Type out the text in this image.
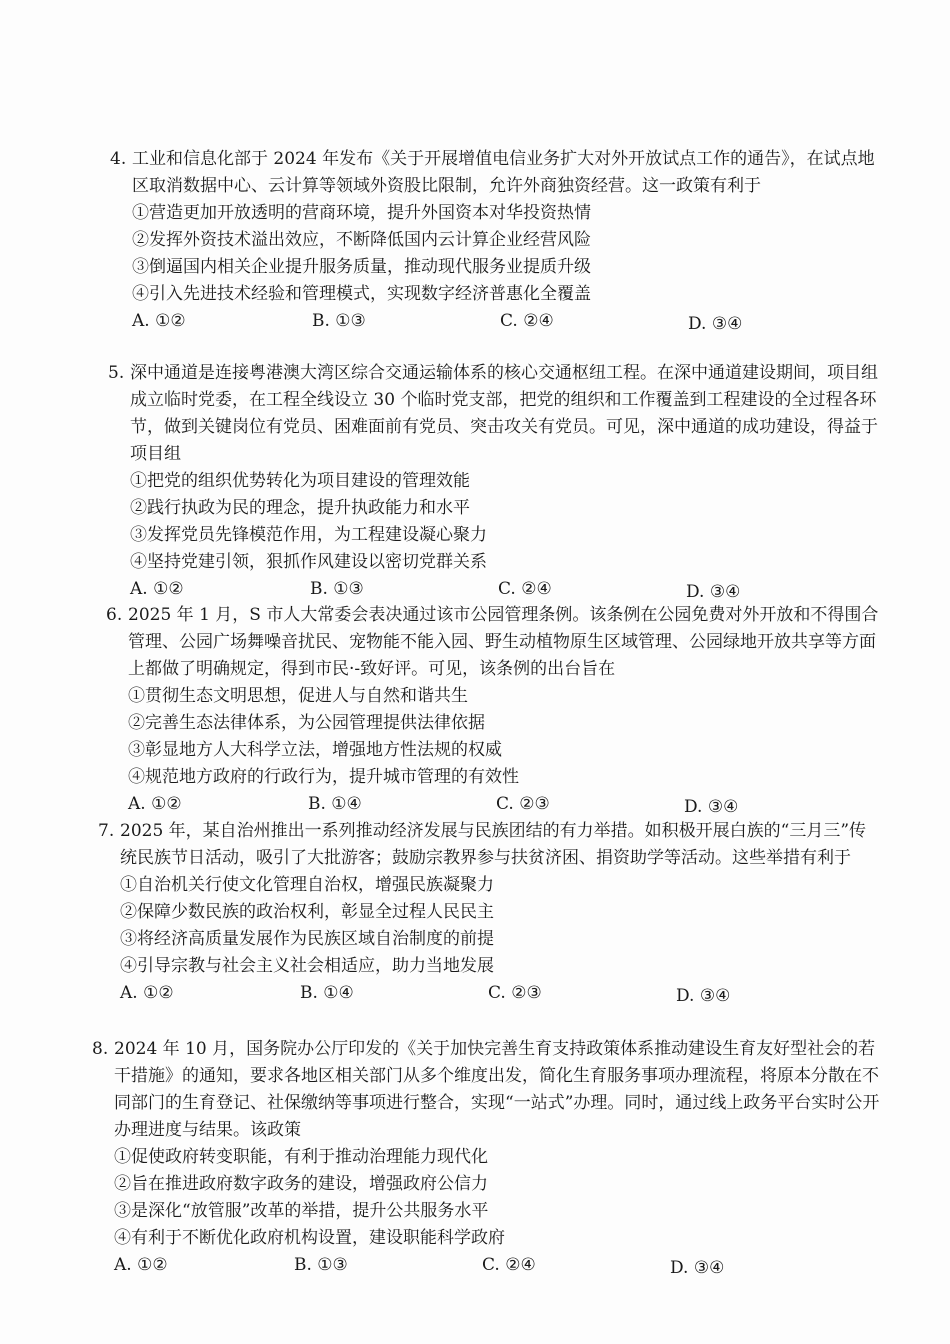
4. 工业和信息化部于 2024 年发布《关于开展增值电信业务扩大对外开放试点工作的通告》，在试点地区取消数据中心、云计算等领域外资股比限制，允许外商独资经营。这一政策有利于
①营造更加开放透明的营商环境，提升外国资本对华投资热情
②发挥外资技术溢出效应，不断降低国内云计算企业经营风险
③倒逼国内相关企业提升服务质量，推动现代服务业提质升级
④引入先进技术经验和管理模式，实现数字经济普惠化全覆盖
A. ①②	B. ①③	C. ②④	D. ③④
5. 深中通道是连接粤港澳大湾区综合交通运输体系的核心交通枢纽工程。在深中通道建设期间，项目组成立临时党委，在工程全线设立 30 个临时党支部，把党的组织和工作覆盖到工程建设的全过程各环节，做到关键岗位有党员、困难面前有党员、突击攻关有党员。可见，深中通道的成功建设，得益于项目组
①把党的组织优势转化为项目建设的管理效能
②践行执政为民的理念，提升执政能力和水平
③发挥党员先锋模范作用，为工程建设凝心聚力
④坚持党建引领，狠抓作风建设以密切党群关系
A. ①②	B. ①③	C. ②④	D. ③④
6. 2025 年 1 月，S 市人大常委会表决通过该市公园管理条例。该条例在公园免费对外开放和不得围合管理、公园广场舞噪音扰民、宠物能不能入园、野生动植物原生区域管理、公园绿地开放共享等方面上都做了明确规定，得到市民·-致好评。可见，该条例的出台旨在
①贯彻生态文明思想，促进人与自然和谐共生
②完善生态法律体系，为公园管理提供法律依据
③彰显地方人大科学立法，增强地方性法规的权威
④规范地方政府的行政行为，提升城市管理的有效性
A. ①②	B. ①④	C. ②③	D. ③④
7. 2025 年，某自治州推出一系列推动经济发展与民族团结的有力举措。如积极开展白族的“三月三”传统民族节日活动，吸引了大批游客；鼓励宗教界参与扶贫济困、捐资助学等活动。这些举措有利于
①自治机关行使文化管理自治权，增强民族凝聚力
②保障少数民族的政治权利，彰显全过程人民民主
③将经济高质量发展作为民族区域自治制度的前提
④引导宗教与社会主义社会相适应，助力当地发展
A. ①②	B. ①④	C. ②③	D. ③④
8. 2024 年 10 月，国务院办公厅印发的《关于加快完善生育支持政策体系推动建设生育友好型社会的若干措施》的通知，要求各地区相关部门从多个维度出发，简化生育服务事项办理流程，将原本分散在不同部门的生育登记、社保缴纳等事项进行整合，实现“一站式”办理。同时，通过线上政务平台实时公开办理进度与结果。该政策
①促使政府转变职能，有利于推动治理能力现代化
②旨在推进政府数字政务的建设，增强政府公信力
③是深化“放管服”改革的举措，提升公共服务水平
④有利于不断优化政府机构设置，建设职能科学政府
A. ①②	B. ①③	C. ②④	D. ③④
